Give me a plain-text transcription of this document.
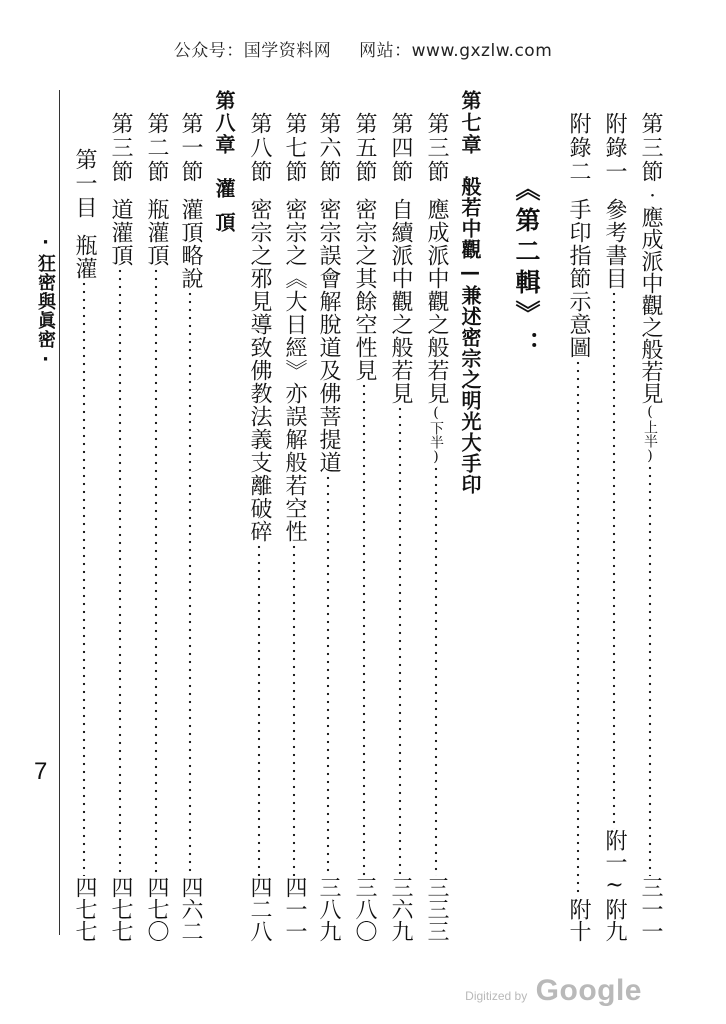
公众号：国学资料网 网站：www.gxzlw.com
第三節
‧應成派中觀之般若見
(上半)
三一一
附錄一
參考書目
附一~附九
附錄二
手印指節示意圖
附十
《第二輯》：
第七章
般若中觀—兼述密宗之明光大手印
第三節
應成派中觀之般若見
(下半)
三三三
第四節
自續派中觀之般若見
三六九
第五節
密宗之其餘空性見
三八〇
第六節
密宗誤會解脫道及佛菩提道
三八九
第七節
密宗之《大日經》亦誤解般若空性
四一一
第八節
密宗之邪見導致佛教法義支離破碎
四二八
第八章
灌頂
第一節
灌頂略說
四六二
第二節
瓶灌頂
四七〇
第三節
道灌頂
四七七
第一目
瓶灌
四七七
·狂密與眞密·
7
Digitized by Google
